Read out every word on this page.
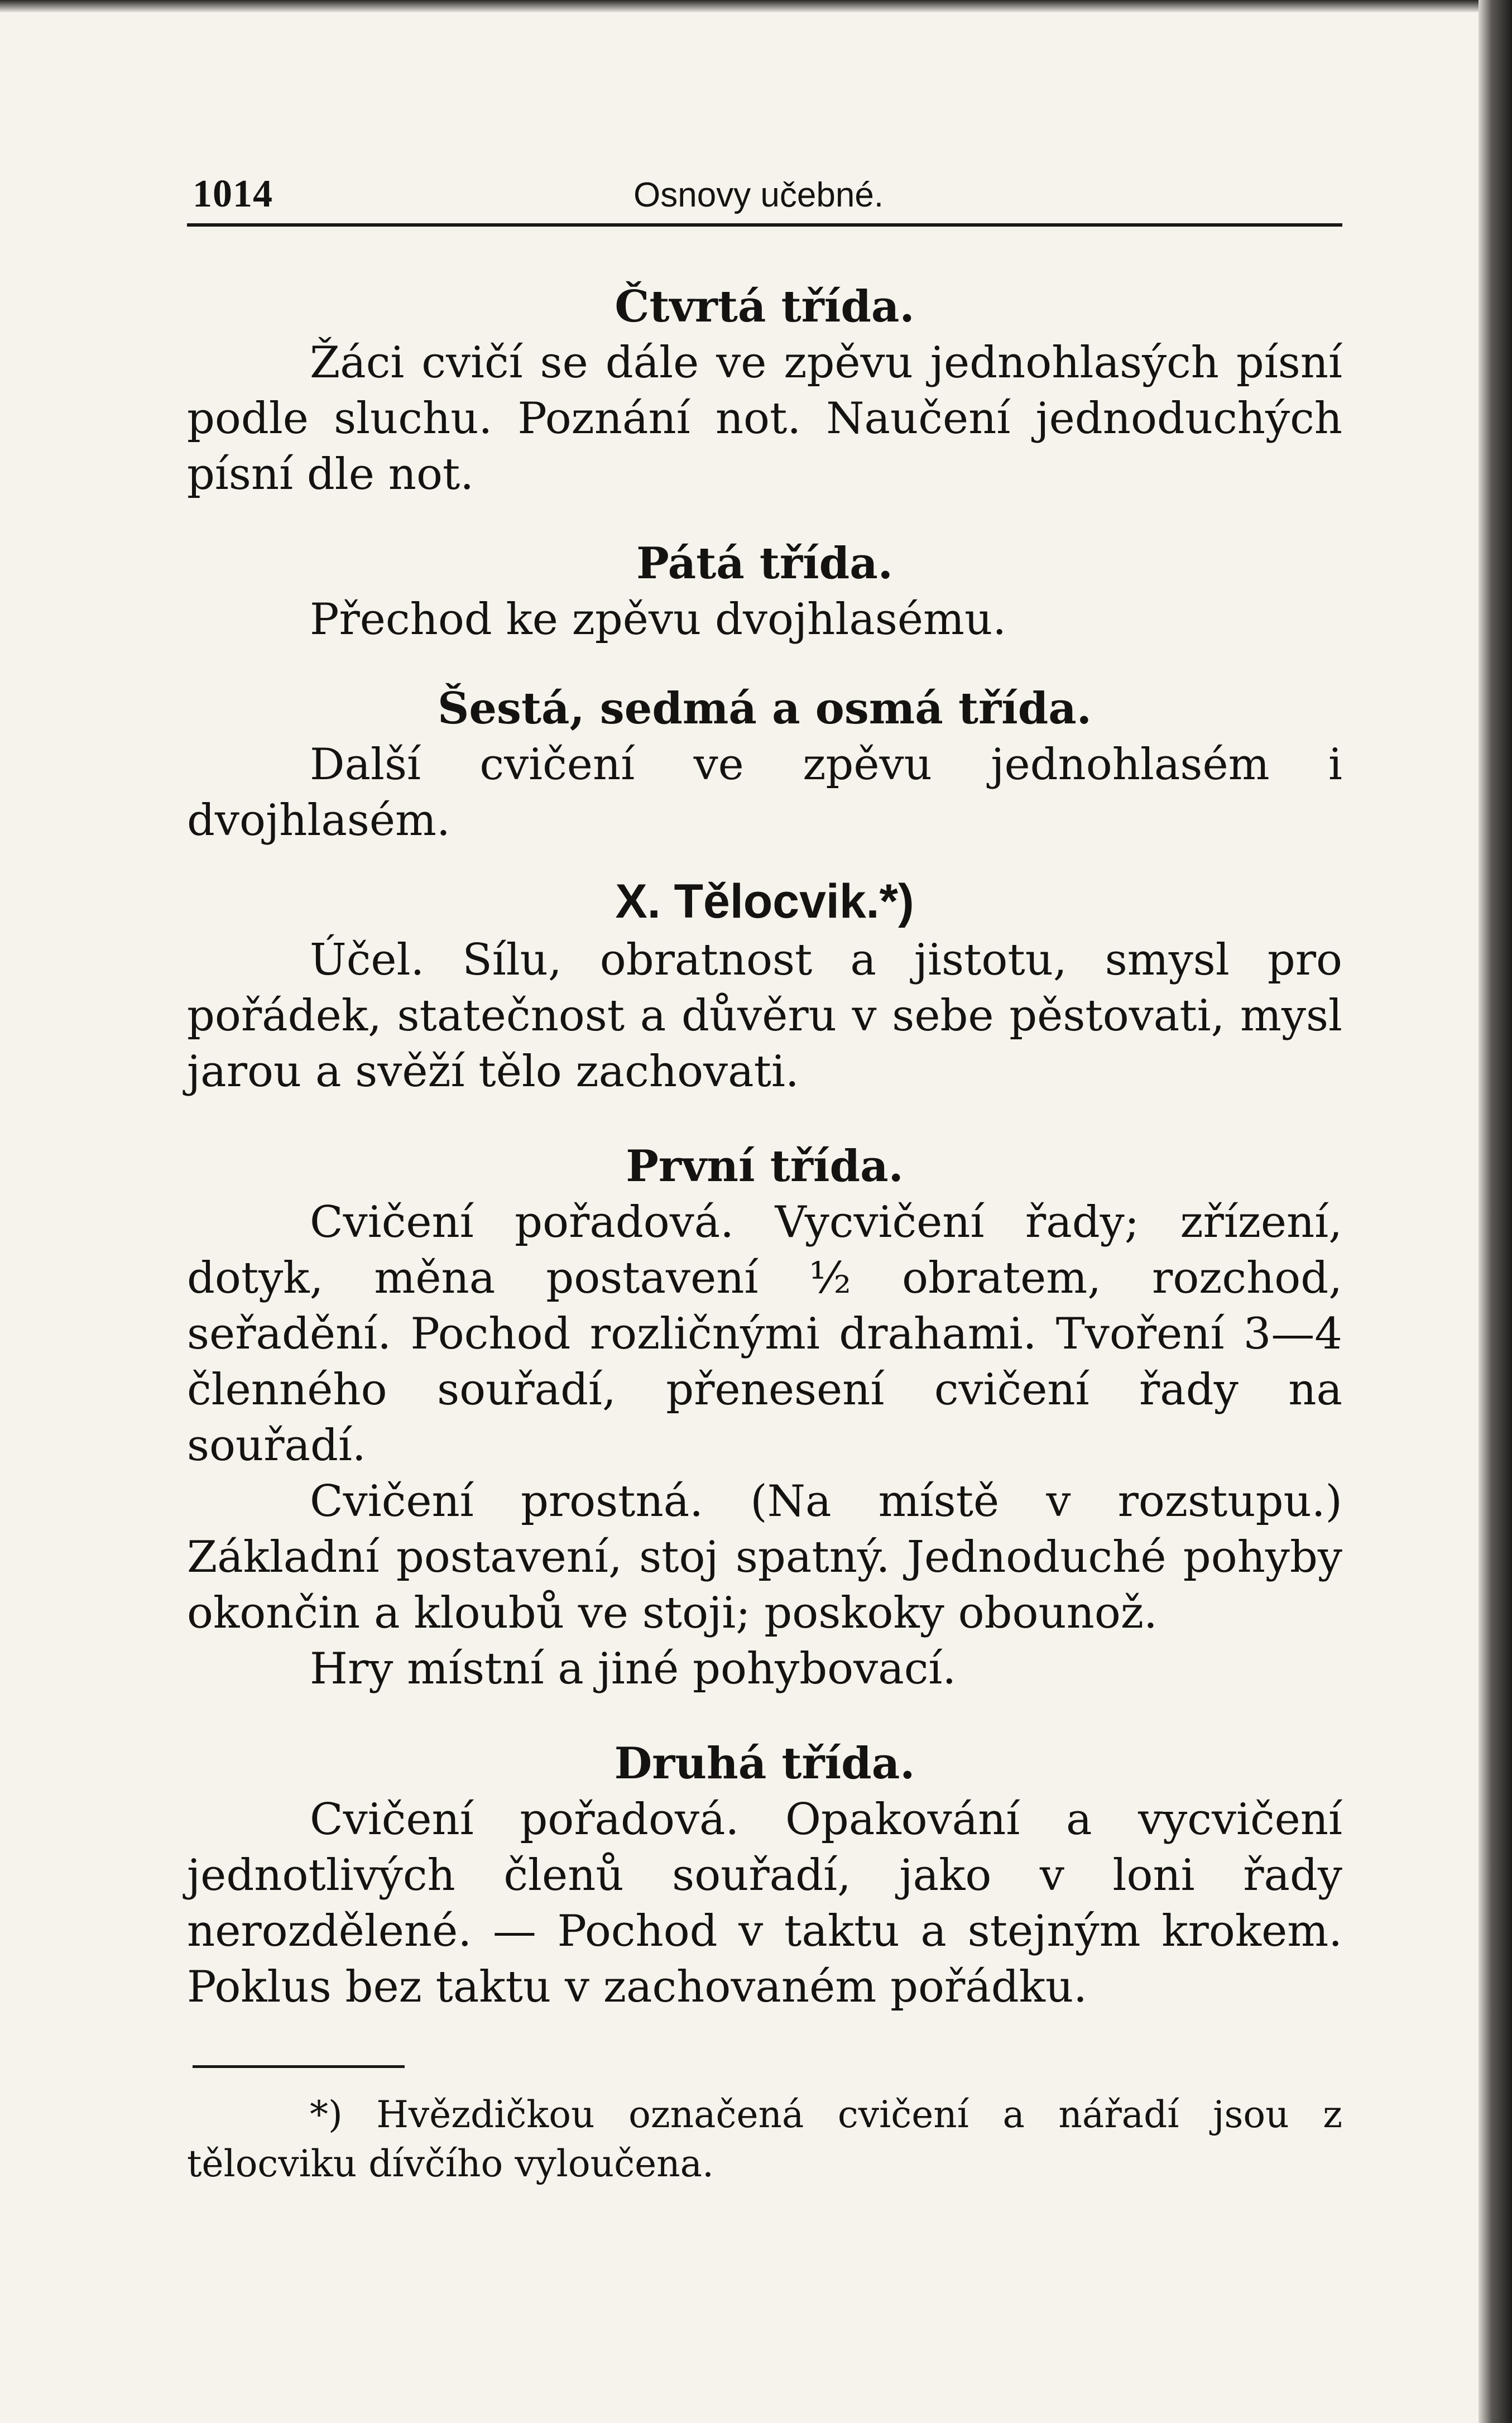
1014	Osnovy učebné.

Čtvrtá třída.

Žáci cvičí se dále ve zpěvu jednohlasých písní podle sluchu. Poznání not. Naučení jednoduchých písní dle not.

Pátá třída.

Přechod ke zpěvu dvojhlasému.

Šestá, sedmá a osmá třída.

Další cvičení ve zpěvu jednohlasém i dvojhlasém.

X. Tělocvik.*)

Účel. Sílu, obratnost a jistotu, smysl pro pořádek, statečnost a důvěru v sebe pěstovati, mysl jarou a svěží tělo zachovati.

První třída.

Cvičení pořadová. Vycvičení řady; zřízení, dotyk, měna postavení ½ obratem, rozchod, seřadění. Pochod rozličnými drahami. Tvoření 3—4 členného souřadí, přenesení cvičení řady na souřadí.

Cvičení prostná. (Na místě v rozstupu.) Základní postavení, stoj spatný. Jednoduché pohyby okončin a kloubů ve stoji; poskoky obounož.

Hry místní a jiné pohybovací.

Druhá třída.

Cvičení pořadová. Opakování a vycvičení jednotlivých členů souřadí, jako v loni řady nerozdělené. — Pochod v taktu a stejným krokem. Poklus bez taktu v zachovaném pořádku.

*) Hvězdičkou označená cvičení a nářadí jsou z tělocviku dívčího vyloučena.
